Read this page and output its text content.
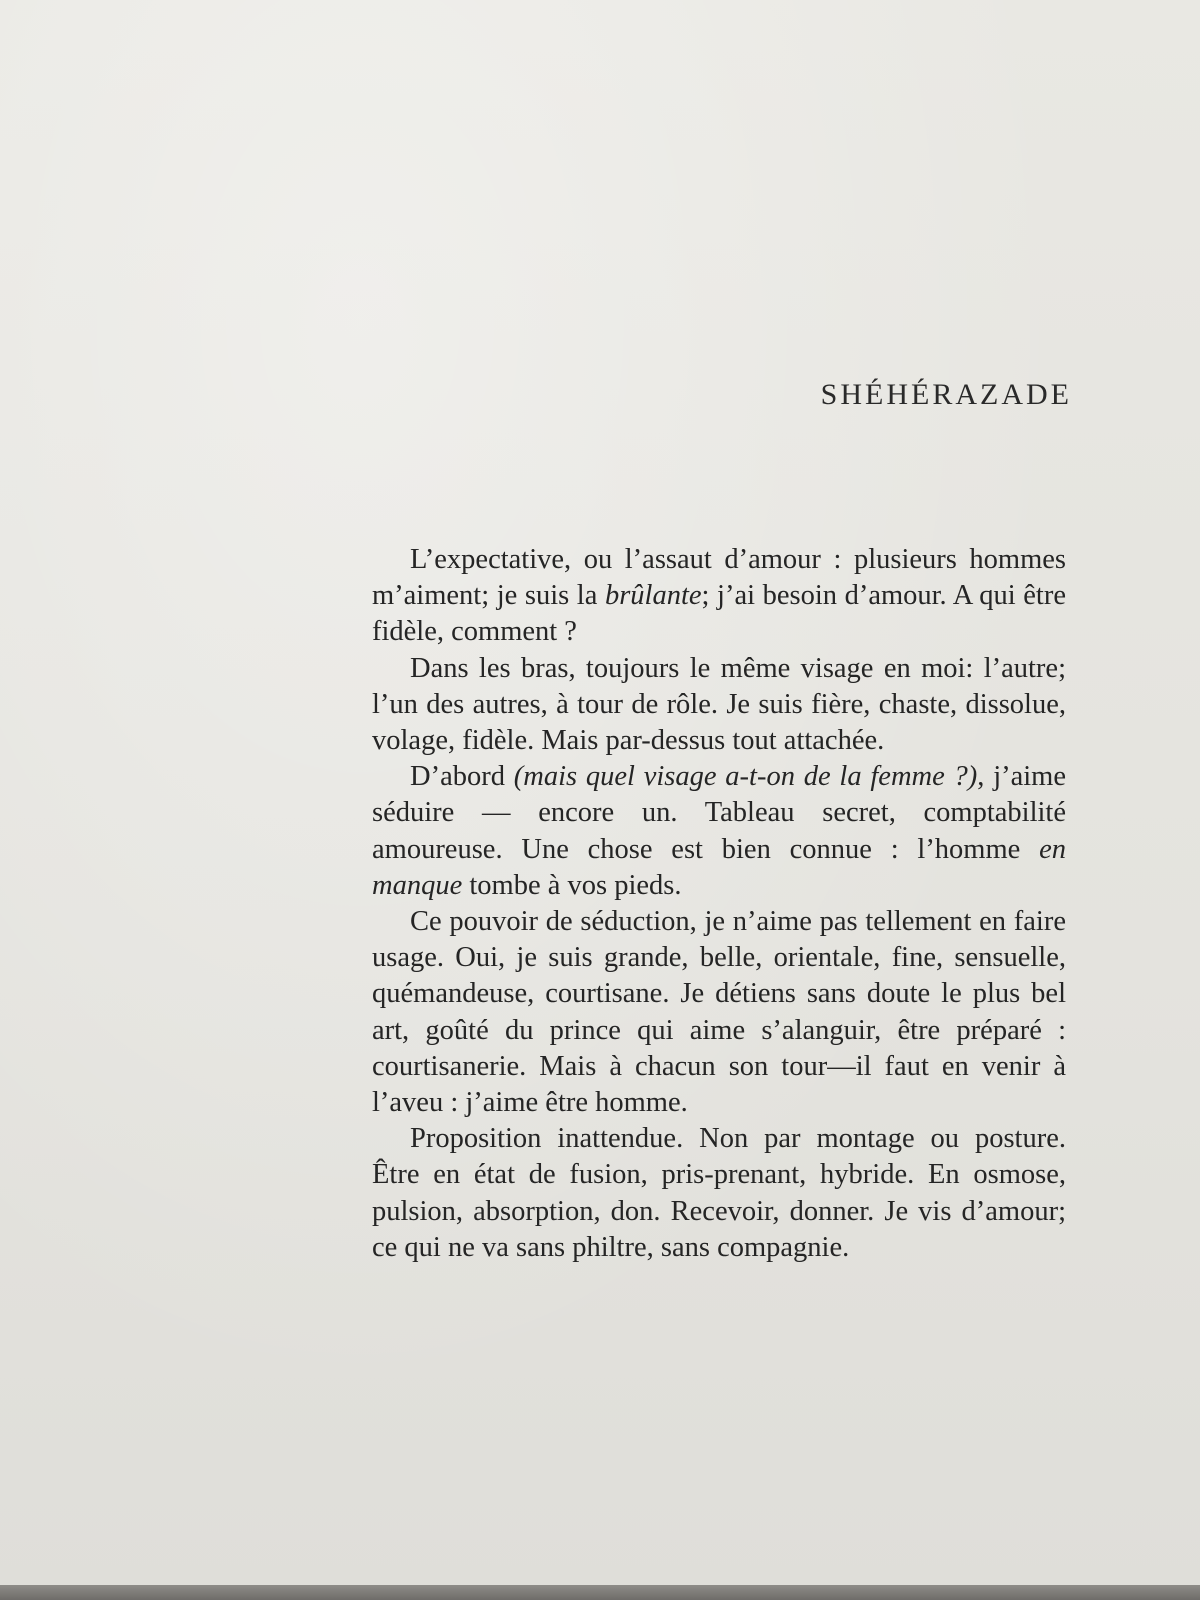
SHÉHÉRAZADE

L’expectative, ou l’assaut d’amour : plusieurs hommes m’aiment; je suis la brûlante; j’ai besoin d’amour. A qui être fidèle, comment ?

Dans les bras, toujours le même visage en moi: l’autre; l’un des autres, à tour de rôle. Je suis fière, chaste, dissolue, volage, fidèle. Mais par-dessus tout attachée.

D’abord (mais quel visage a-t-on de la femme ?), j’aime séduire — encore un. Tableau secret, comptabilité amoureuse. Une chose est bien connue : l’homme en manque tombe à vos pieds.

Ce pouvoir de séduction, je n’aime pas tellement en faire usage. Oui, je suis grande, belle, orientale, fine, sensuelle, quémandeuse, courtisane. Je détiens sans doute le plus bel art, goûté du prince qui aime s’alanguir, être préparé : courtisanerie. Mais à chacun son tour—il faut en venir à l’aveu : j’aime être homme.

Proposition inattendue. Non par montage ou posture. Être en état de fusion, pris-prenant, hybride. En osmose, pulsion, absorption, don. Recevoir, donner. Je vis d’amour; ce qui ne va sans philtre, sans compagnie.
